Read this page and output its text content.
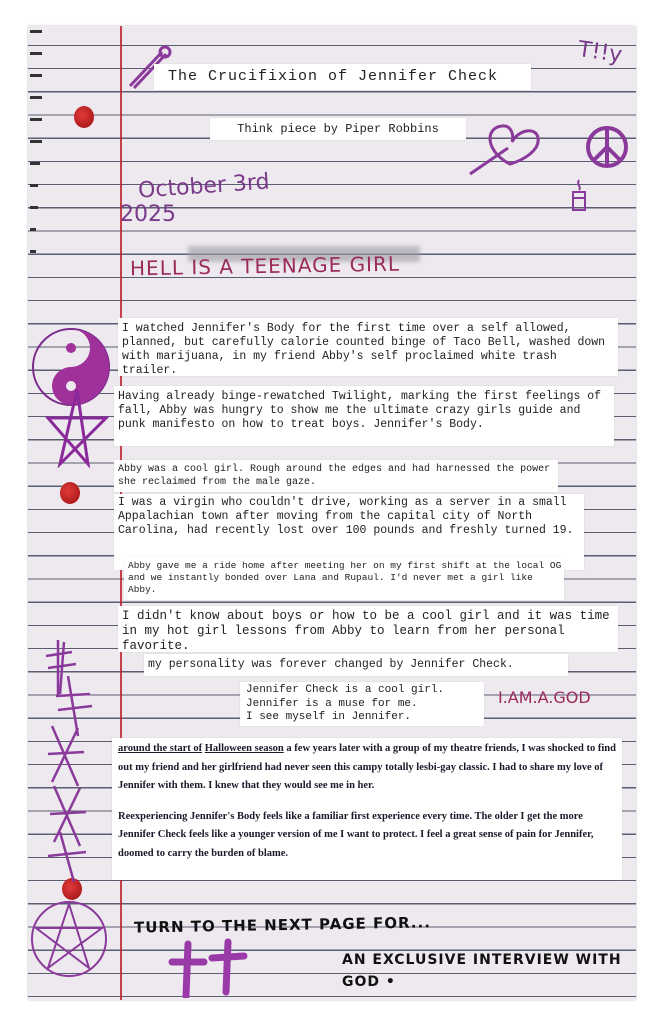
The Crucifixion of Jennifer Check
T!!y
Think piece by Piper Robbins
October 3rd
2025
HELL IS A TEENAGE GIRL
I watched Jennifer's Body for the first time over a self allowed, planned, but carefully calorie counted binge of Taco Bell, washed down with marijuana, in my friend Abby's self proclaimed white trash trailer.
Having already binge-rewatched Twilight, marking the first feelings of fall, Abby was hungry to show me the ultimate crazy girls guide and punk manifesto on how to treat boys. Jennifer's Body.
Abby was a cool girl. Rough around the edges and had harnessed the power she reclaimed from the male gaze.
I was a virgin who couldn't drive, working as a server in a small Appalachian town after moving from the capital city of North Carolina, had recently lost over 100 pounds and freshly turned 19.
Abby gave me a ride home after meeting her on my first shift at the local OG and we instantly bonded over Lana and Rupaul. I'd never met a girl like Abby.
I didn't know about boys or how to be a cool girl and it was time in my hot girl lessons from Abby to learn from her personal favorite.
my personality was forever changed by Jennifer Check.
Jennifer Check is a cool girl.
Jennifer is a muse for me.
I see myself in Jennifer.
I.AM.A.GOD

around the start of Halloween season a few years later with a group of my theatre friends, I was shocked to find out my friend and her girlfriend had never seen this campy totally lesbi-gay classic. I had to share my love of Jennifer with them. I knew that they would see me in her.

Reexperiencing Jennifer's Body feels like a familiar first experience every time. The older I get the more Jennifer Check feels like a younger version of me I want to protect. I feel a great sense of pain for Jennifer, doomed to carry the burden of blame.

TURN TO THE NEXT PAGE FOR...
AN EXCLUSIVE INTERVIEW WITH
GOD •
